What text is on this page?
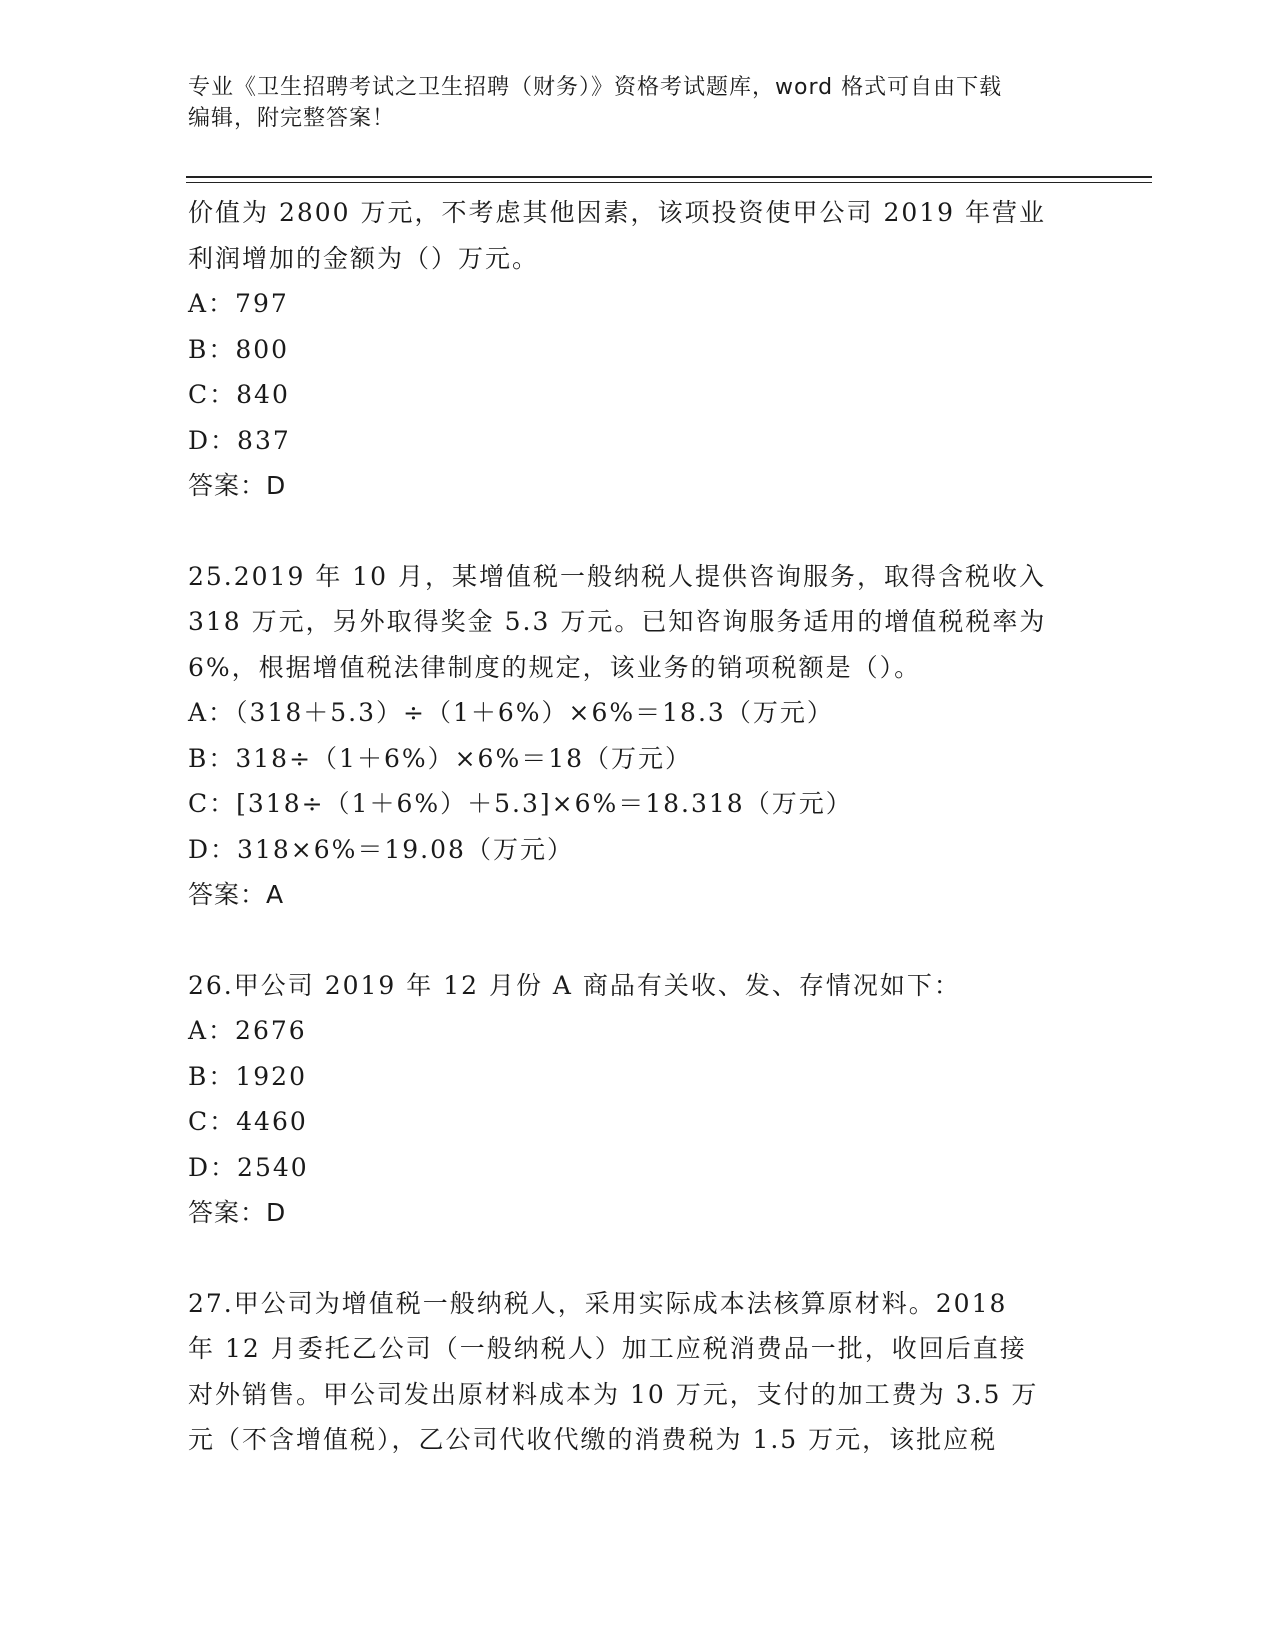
专业《卫生招聘考试之卫生招聘（财务）》资格考试题库，word 格式可自由下载
编辑，附完整答案！
价值为 2800 万元，不考虑其他因素，该项投资使甲公司 2019 年营业
利润增加的金额为（）万元。
A：797
B：800
C：840
D：837
答案：D
25.2019 年 10 月，某增值税一般纳税人提供咨询服务，取得含税收入
318 万元，另外取得奖金 5.3 万元。已知咨询服务适用的增值税税率为
6%，根据增值税法律制度的规定，该业务的销项税额是（）。
A：（318＋5.3）÷（1＋6%）×6%＝18.3（万元）
B：318÷（1＋6%）×6%＝18（万元）
C：[318÷（1＋6%）＋5.3]×6%＝18.318（万元）
D：318×6%＝19.08（万元）
答案：A
26.甲公司 2019 年 12 月份 A 商品有关收、发、存情况如下：
A：2676
B：1920
C：4460
D：2540
答案：D
27.甲公司为增值税一般纳税人，采用实际成本法核算原材料。2018
年 12 月委托乙公司（一般纳税人）加工应税消费品一批，收回后直接
对外销售。甲公司发出原材料成本为 10 万元，支付的加工费为 3.5 万
元（不含增值税），乙公司代收代缴的消费税为 1.5 万元，该批应税
